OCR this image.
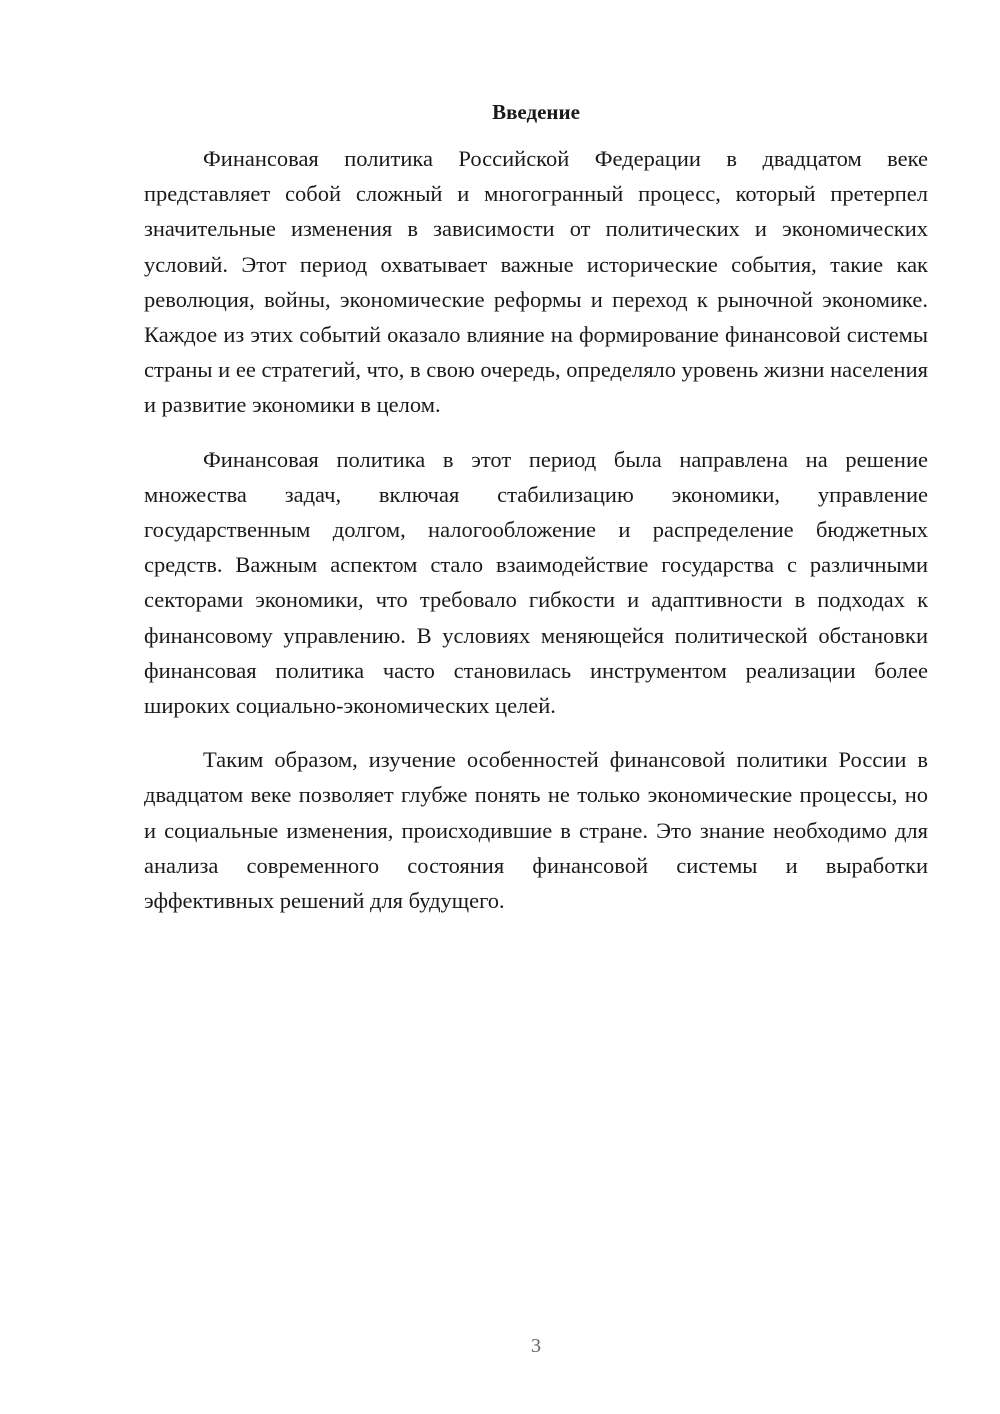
Введение

Финансовая политика Российской Федерации в двадцатом веке представляет собой сложный и многогранный процесс, который претерпел значительные изменения в зависимости от политических и экономических условий. Этот период охватывает важные исторические события, такие как революция, войны, экономические реформы и переход к рыночной экономике. Каждое из этих событий оказало влияние на формирование финансовой системы страны и ее стратегий, что, в свою очередь, определяло уровень жизни населения и развитие экономики в целом.

Финансовая политика в этот период была направлена на решение множества задач, включая стабилизацию экономики, управление государственным долгом, налогообложение и распределение бюджетных средств. Важным аспектом стало взаимодействие государства с различными секторами экономики, что требовало гибкости и адаптивности в подходах к финансовому управлению. В условиях меняющейся политической обстановки финансовая политика часто становилась инструментом реализации более широких социально-экономических целей.

Таким образом, изучение особенностей финансовой политики России в двадцатом веке позволяет глубже понять не только экономические процессы, но и социальные изменения, происходившие в стране. Это знание необходимо для анализа современного состояния финансовой системы и выработки эффективных решений для будущего.

3
